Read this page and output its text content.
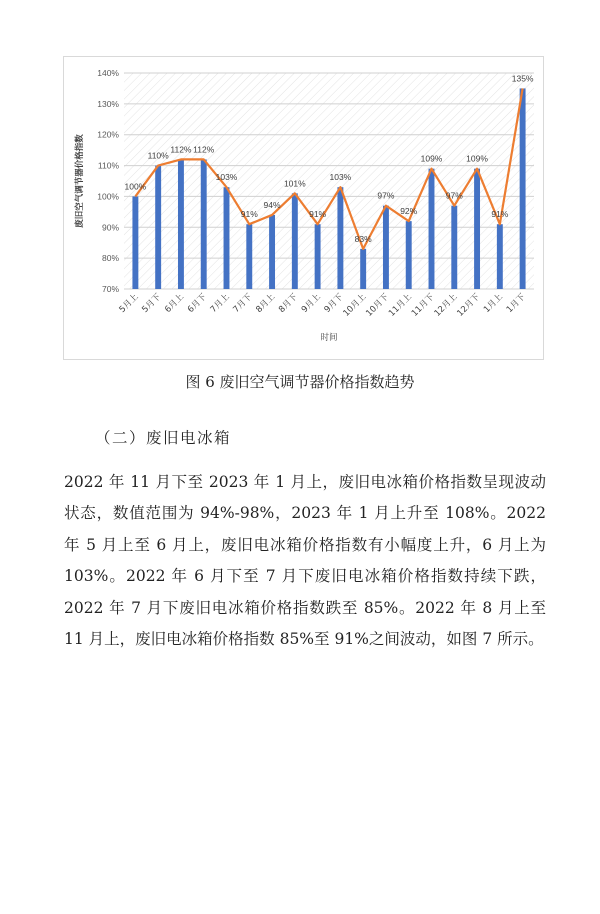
70%
80%
90%
100%
110%
120%
130%
140%
100%
110%
112% 112%
103%
91%
94%
101%
91%
103%
83%
97%
92%
109%
97%
109%
91%
135%
5月上 5月下 6月上 6月下 7月上 7月下 8月上 8月下 9月上 9月下
10月上
10月下
11月上
11月下
12月上
12月下 1月上 1月下
时间
废旧空气调节器价格指数
图 6 废旧空气调节器价格指数趋势
（二）废旧电冰箱

2022 年 11 月下至 2023 年 1 月上，废旧电冰箱价格指数呈现波动状态，数值范围为 94%-98%，2023 年 1 月上升至 108%。2022 年 5 月上至 6 月上，废旧电冰箱价格指数有小幅度上升，6 月上为 103%。2022 年 6 月下至 7 月下废旧电冰箱价格指数持续下跌，2022 年 7 月下废旧电冰箱价格指数跌至 85%。2022 年 8 月上至 11 月上，废旧电冰箱价格指数 85%至 91%之间波动，如图 7 所示。
